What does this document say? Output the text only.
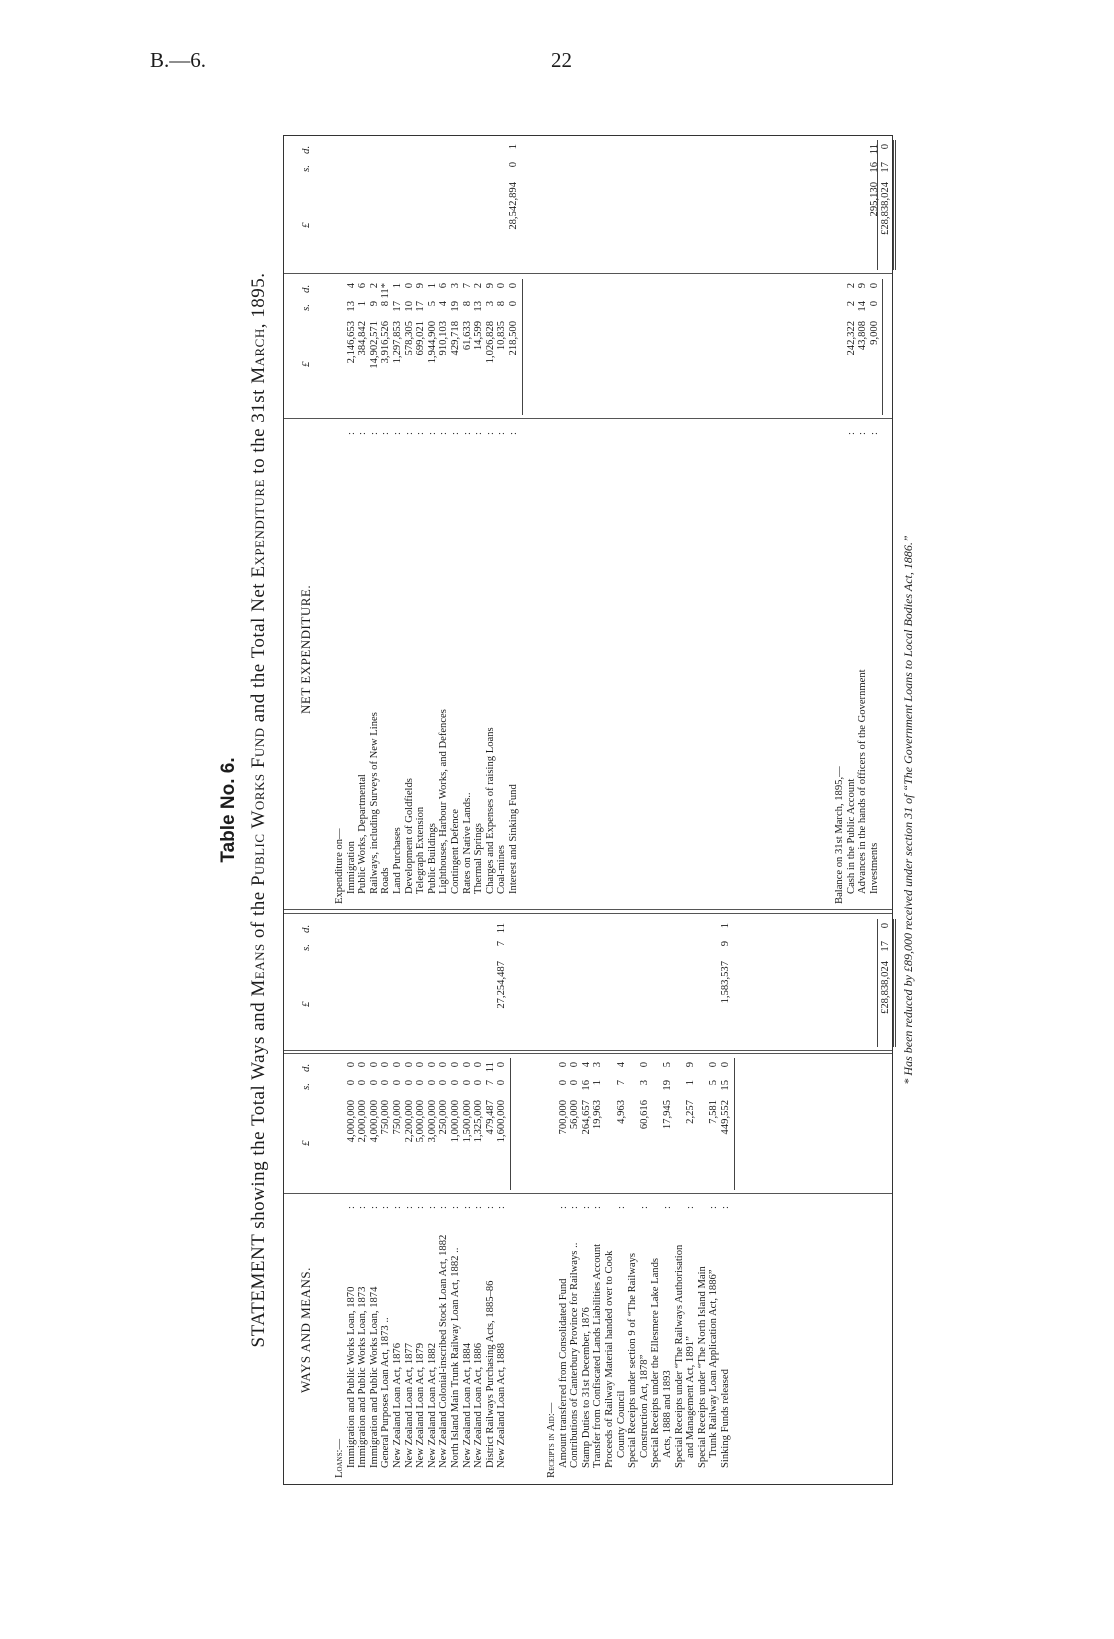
B.—6.	22
Table No. 6.
STATEMENT showing the Total Ways and Means of the Public Works Fund and the Total Net Expenditure to the 31st March, 1895.
WAYS AND MEANS.
Loans:— Immigration and Public Works Loan, 1870
:
Immigration and Public Works Loan, 1873
:
Immigration and Public Works Loan, 1874
:
General Purposes Loan Act, 1873 ..
:
New Zealand Loan Act, 1876
:
New Zealand Loan Act, 1877
:
New Zealand Loan Act, 1879
:
New Zealand Loan Act, 1882
:
New Zealand Colonial-inscribed Stock Loan Act, 1882
:
North Island Main Trunk Railway Loan Act, 1882 ..
:
New Zealand Loan Act, 1884
:
New Zealand Loan Act, 1886
:
District Railways Purchasing Acts, 1885–86
:
New Zealand Loan Act, 1888
:
Receipts in Aid:— Amount transferred from Consolidated Fund
:
Contributions of Canterbury Province for Railways ..
:
Stamp Duties to 31st December, 1876
:
Transfer from Confiscated Lands Liabilities Account
:
Proceeds of Railway Material handed over to Cook County Council
:
Special Receipts under section 9 of “The Railways Construction Act, 1878”
:
Special Receipts under the Ellesmere Lake Lands Acts, 1888 and 1893
:
Special Receipts under “The Railways Authorisation and Management Act, 1891”
:
Special Receipts under “The North Island Main Trunk Railway Loan Application Act, 1886”
:
Sinking Funds released
:
£
s.
d.
4,000,000
0
0
2,000,000
0
0
4,000,000
0
0
750,000
0
0
750,000
0
0
2,200,000
0
0
5,000,000
0
0
3,000,000
0
0
250,000
0
0
1,000,000
0
0
1,500,000
0
0
1,325,000
0
0
479,487
7
11
1,600,000
0
0
700,000
0
0
56,000
0
0
264,657
16
4
19,963
1
3
4,963
7
4
60,616
3
0
17,945
19
5
2,257
1
9
7,581
5
0
449,552
15
0
£
s.
d.
27,254,487
7
11
1,583,537
9
1
£28,838,024
17
0
NET EXPENDITURE.
Expenditure on— Immigration
:
Public Works, Departmental
:
Railways, including Surveys of New Lines
:
Roads
:
Land Purchases
:
Development of Goldfields
:
Telegraph Extension
:
Public Buildings
:
Lighthouses, Harbour Works, and Defences
:
Contingent Defence
:
Rates on Native Lands..
:
Thermal Springs
:
Charges and Expenses of raising Loans
:
Coal-mines
:
Interest and Sinking Fund
:
Balance on 31st March, 1895,— Cash in the Public Account
:
Advances in the hands of officers of the Government
:
Investments
:
£
s.
d.
2,146,653
13
4
384,842
1
6
14,902,571
9
2
3,916,526
8
11*
1,297,853
17
1
578,305
10
0
699,021
17
9
1,944,900
5
1
910,103
4
6
429,718
19
3
61,633
8
7
14,599
13
2
1,026,828
3
9
10,835
8
0
218,500
0
0
242,322
2
2
43,808
14
9
9,000
0
0
£
s.
d.
28,542,894
0
1
295,130
16
11
£28,838,024
17
0
* Has been reduced by £89,000 received under section 31 of “The Government Loans to Local Bodies Act, 1886.”
